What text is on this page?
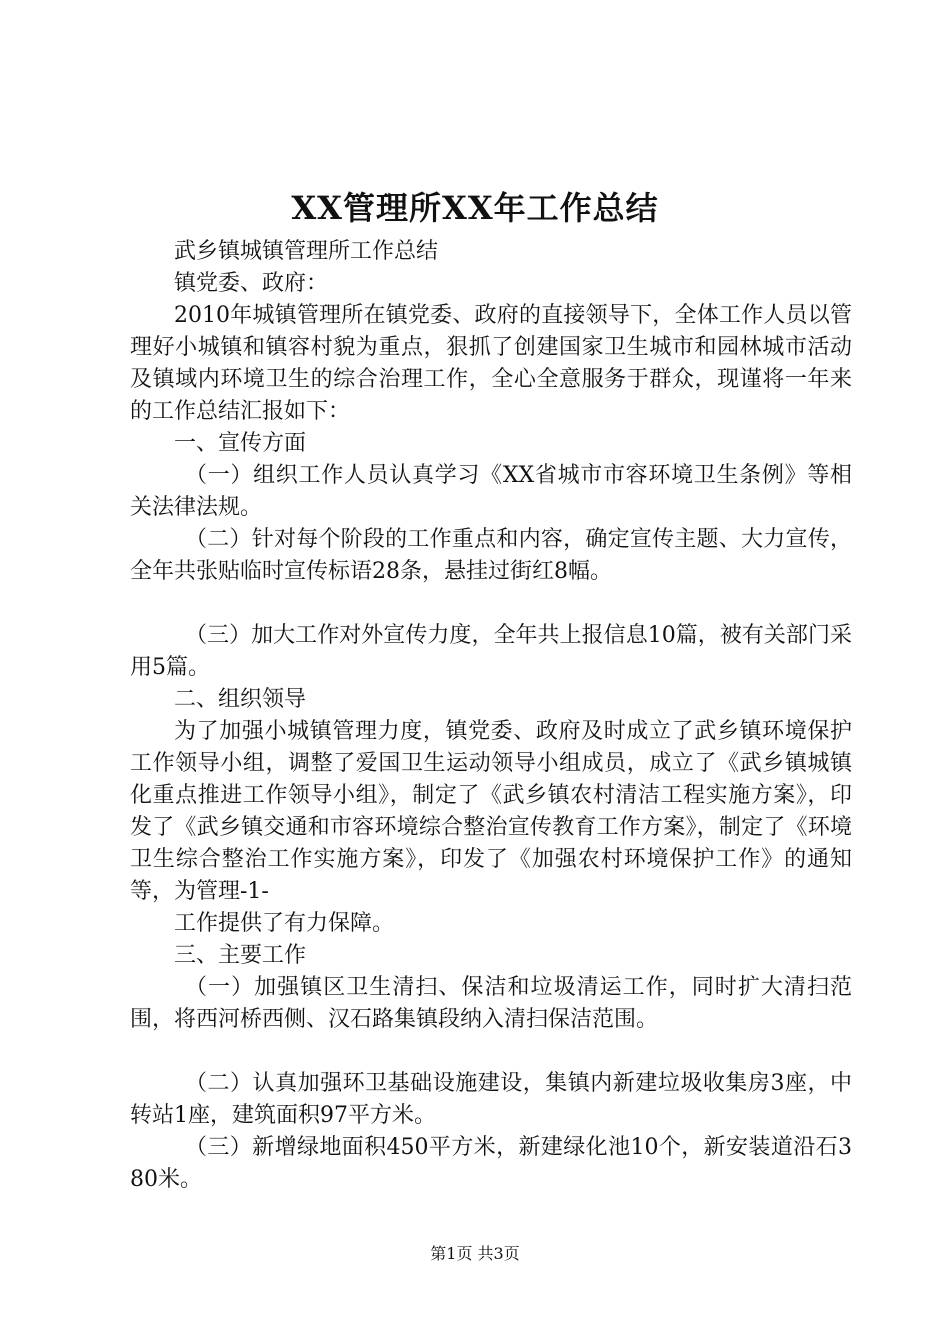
XX管理所XX年工作总结

武乡镇城镇管理所工作总结

镇党委、政府：

2010年城镇管理所在镇党委、政府的直接领导下，全体工作人员以管理好小城镇和镇容村貌为重点，狠抓了创建国家卫生城市和园林城市活动及镇域内环境卫生的综合治理工作，全心全意服务于群众，现谨将一年来的工作总结汇报如下：

一、宣传方面

（一）组织工作人员认真学习《XX省城市市容环境卫生条例》等相关法律法规。

（二）针对每个阶段的工作重点和内容，确定宣传主题、大力宣传，全年共张贴临时宣传标语28条，悬挂过街红8幅。

（三）加大工作对外宣传力度，全年共上报信息10篇，被有关部门采用5篇。

二、组织领导

为了加强小城镇管理力度，镇党委、政府及时成立了武乡镇环境保护工作领导小组，调整了爱国卫生运动领导小组成员，成立了《武乡镇城镇化重点推进工作领导小组》，制定了《武乡镇农村清洁工程实施方案》，印发了《武乡镇交通和市容环境综合整治宣传教育工作方案》，制定了《环境卫生综合整治工作实施方案》，印发了《加强农村环境保护工作》的通知等，为管理-1-

工作提供了有力保障。

三、主要工作

（一）加强镇区卫生清扫、保洁和垃圾清运工作，同时扩大清扫范围，将西河桥西侧、汉石路集镇段纳入清扫保洁范围。

（二）认真加强环卫基础设施建设，集镇内新建垃圾收集房3座，中转站1座，建筑面积97平方米。

（三）新增绿地面积450平方米，新建绿化池10个，新安装道沿石380米。

第1页 共3页
